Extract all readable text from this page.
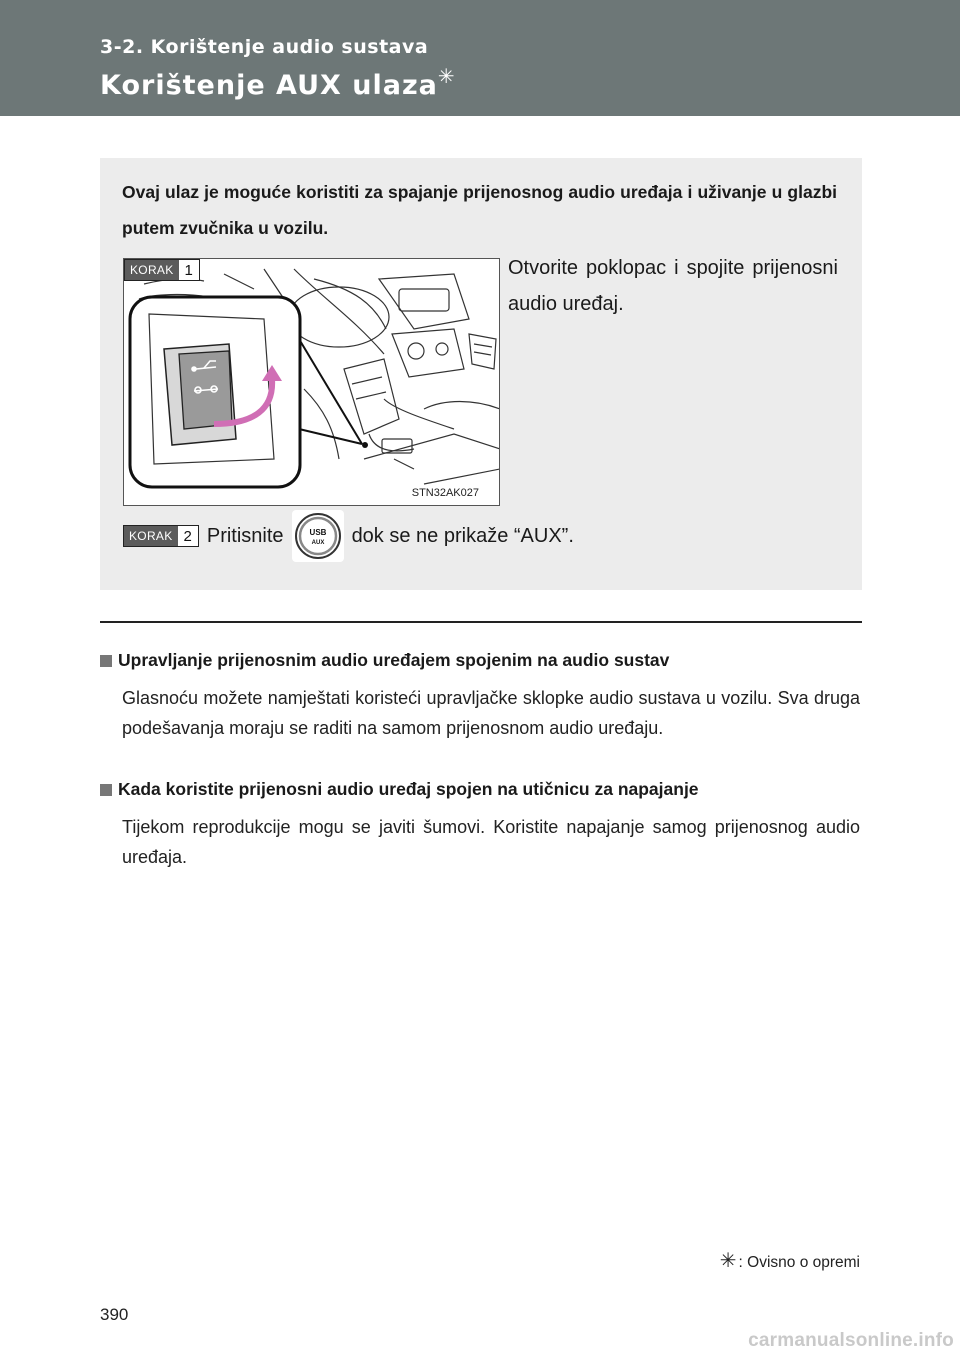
3-2. Korištenje audio sustava
Korištenje AUX ulaza✳
Ovaj ulaz je moguće koristiti za spajanje prijenosnog audio uređaja i uživanje u glazbi putem zvučnika u vozilu.
KORAK 1
STN32AK027
Otvorite poklopac i spojite prijenosni audio uređaj.
KORAK 2 Pritisnite	USB
AUX dok se ne prikaže “AUX”.
Upravljanje prijenosnim audio uređajem spojenim na audio sustav
Glasnoću možete namještati koristeći upravljačke sklopke audio sustava u vozilu. Sva druga podešavanja moraju se raditi na samom prijenosnom audio uređaju.
Kada koristite prijenosni audio uređaj spojen na utičnicu za napajanje
Tijekom reprodukcije mogu se javiti šumovi. Koristite napajanje samog prijenosnog audio uređaja.
✳ : Ovisno o opremi
390
carmanualsonline.info
